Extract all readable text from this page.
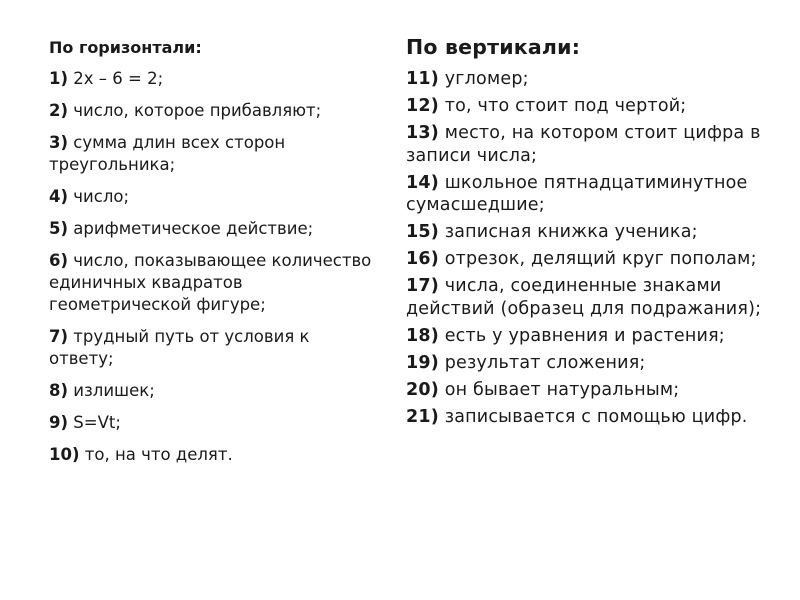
По горизонтали:
1) 2х – 6 = 2;
2) число, которое прибавляют;
3) сумма длин всех сторон треугольника;
4) число;
5) арифметическое действие;
6) число, показывающее количество единичных квадратов геометрической фигуре;
7) трудный путь от условия к ответу;
8) излишек;
9) S=Vt;
10) то, на что делят.
По вертикали:
11) угломер;
12) то, что стоит под чертой;
13) место, на котором стоит цифра в записи числа;
14) школьное пятнадцатиминутное сумасшедшие;
15) записная книжка ученика;
16) отрезок, делящий круг пополам;
17) числа, соединенные знаками действий (образец для подражания);
18) есть у уравнения и растения;
19) результат сложения;
20) он бывает натуральным;
21) записывается с помощью цифр.
